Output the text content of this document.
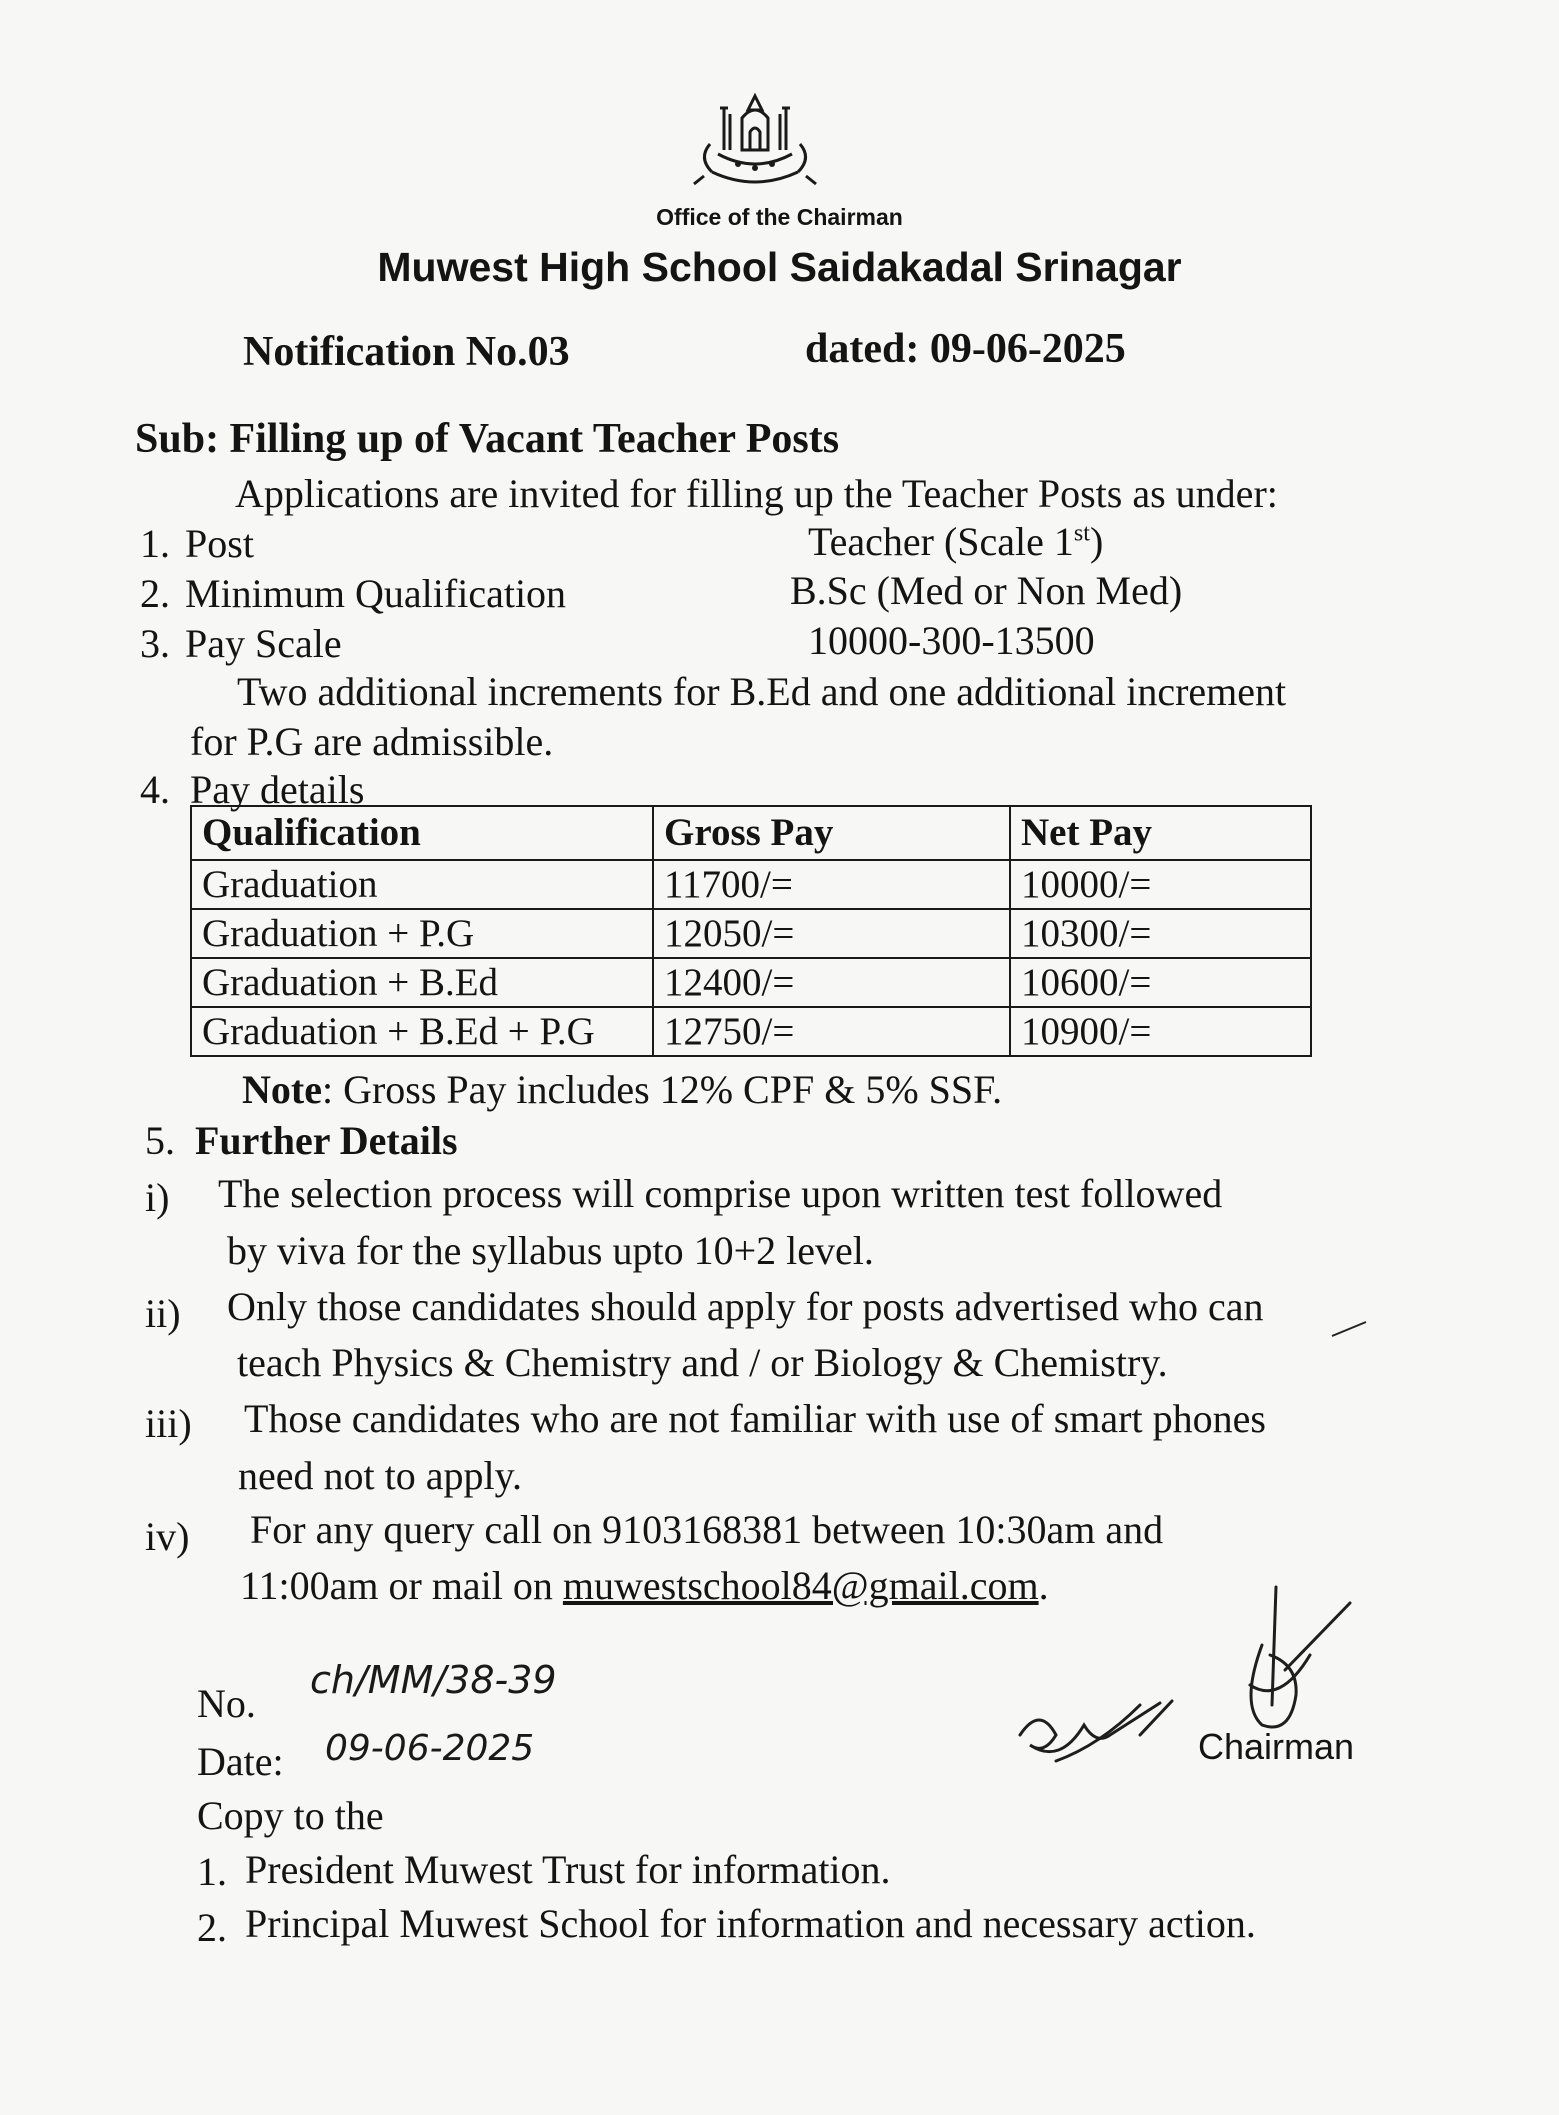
Office of the Chairman
Muwest High School Saidakadal Srinagar
Notification No.03	dated: 09-06-2025
Sub: Filling up of Vacant Teacher Posts
Applications are invited for filling up the Teacher Posts as under:
1. Post	Teacher (Scale 1st)
2. Minimum Qualification	B.Sc (Med or Non Med)
3. Pay Scale	10000-300-13500
Two additional increments for B.Ed and one additional increment
for P.G are admissible.
4. Pay details
Qualification	Gross Pay	Net Pay
Graduation	11700/=	10000/=
Graduation + P.G	12050/=	10300/=
Graduation + B.Ed	12400/=	10600/=
Graduation + B.Ed + P.G	12750/=	10900/=
Note: Gross Pay includes 12% CPF & 5% SSF.
5. Further Details
i) The selection process will comprise upon written test followed
by viva for the syllabus upto 10+2 level.
ii) Only those candidates should apply for posts advertised who can
teach Physics & Chemistry and / or Biology & Chemistry.
iii) Those candidates who are not familiar with use of smart phones
need not to apply.
iv) For any query call on 9103168381 between 10:30am and
11:00am or mail on muwestschool84@gmail.com.
No.
ch/MM/38-39
Date: 09-06-2025	Chairman
Copy to the
1. President Muwest Trust for information.
2. Principal Muwest School for information and necessary action.
